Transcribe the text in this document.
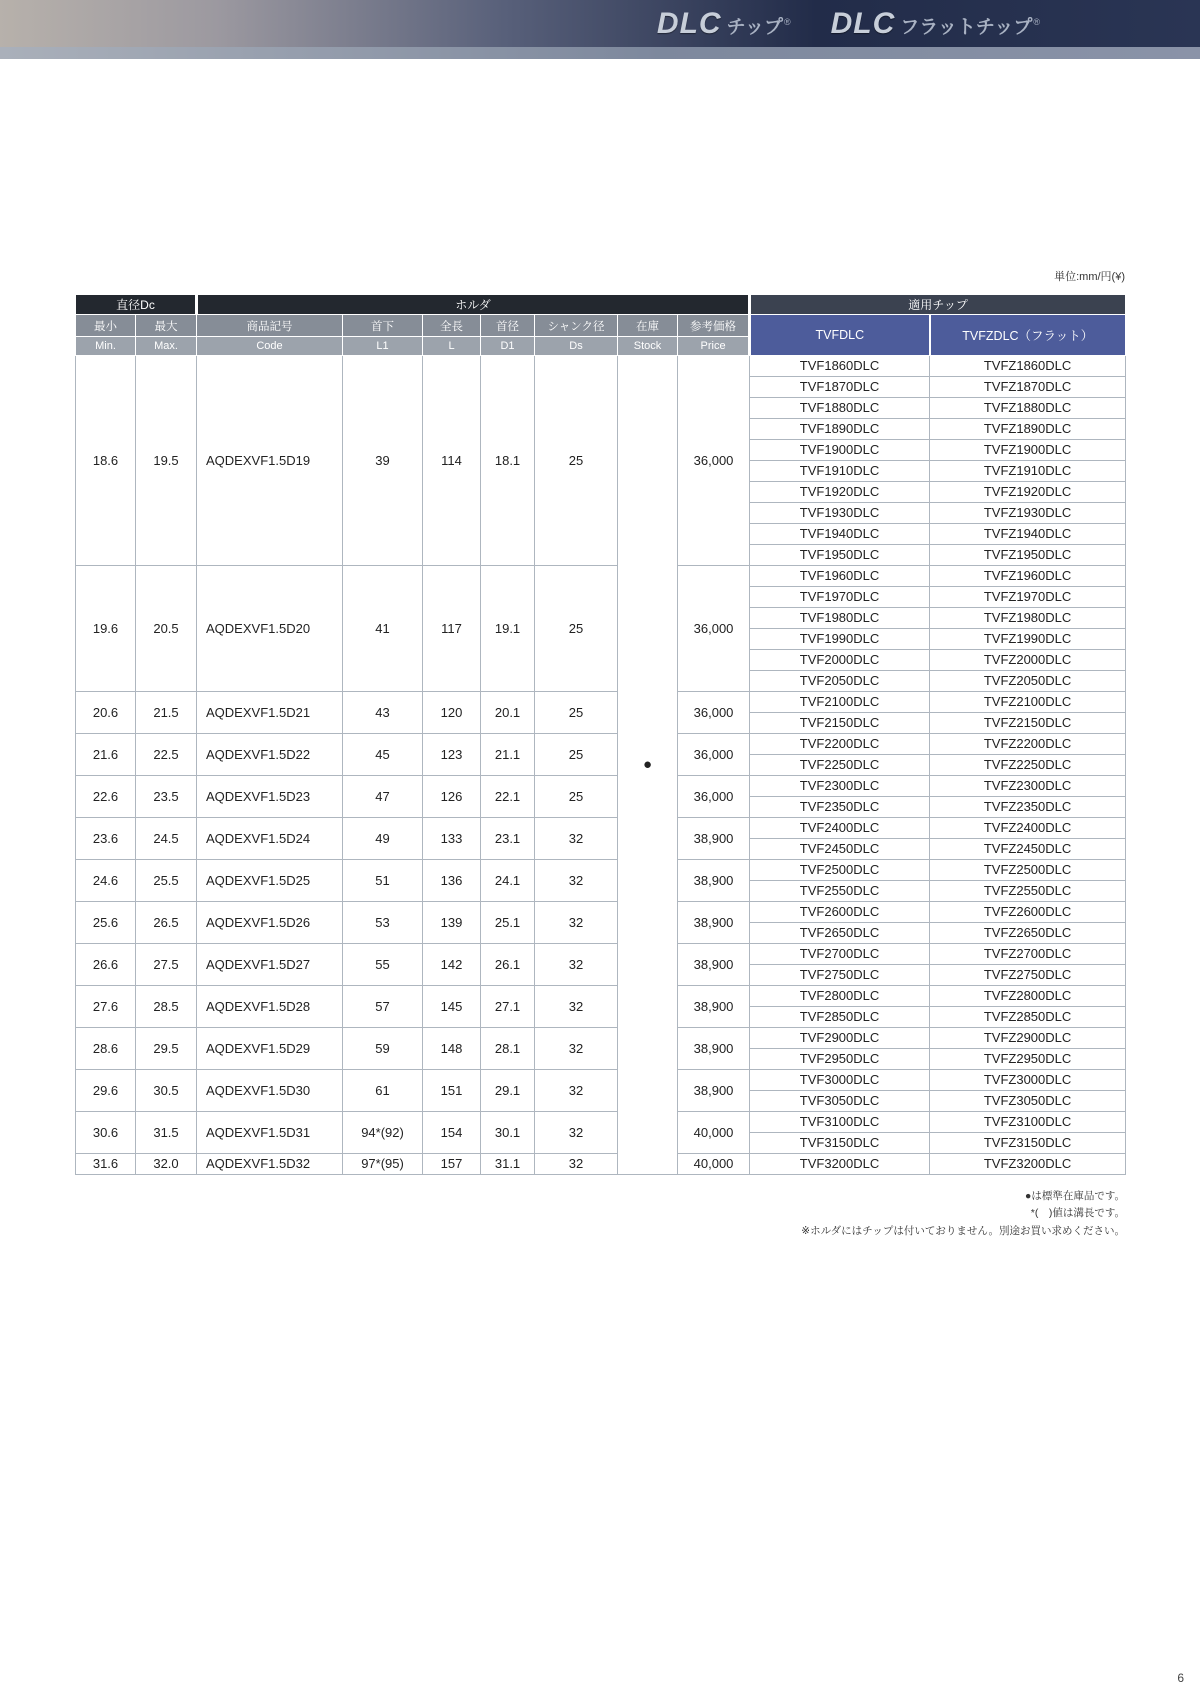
DLC チップ ® DLC フラットチップ ®
単位:mm/円(¥)
直径Dc		ホルダ							適用チップ	
最小	最大	商品記号	首下	全長	首径	シャンク径	在庫	参考価格	TVFDLC	TVFZDLC（フラット）
Min.	Max.	Code	L1	L	D1	Ds	Stock	Price		
18.6	19.5	AQDEXVF1.5D19	39	114	18.1	25	●	36,000	TVF1860DLC	TVFZ1860DLC
									TVF1870DLC	TVFZ1870DLC
									TVF1880DLC	TVFZ1880DLC
									TVF1890DLC	TVFZ1890DLC
									TVF1900DLC	TVFZ1900DLC
									TVF1910DLC	TVFZ1910DLC
									TVF1920DLC	TVFZ1920DLC
									TVF1930DLC	TVFZ1930DLC
									TVF1940DLC	TVFZ1940DLC
									TVF1950DLC	TVFZ1950DLC
19.6	20.5	AQDEXVF1.5D20	41	117	19.1	25		36,000	TVF1960DLC	TVFZ1960DLC
									TVF1970DLC	TVFZ1970DLC
									TVF1980DLC	TVFZ1980DLC
									TVF1990DLC	TVFZ1990DLC
									TVF2000DLC	TVFZ2000DLC
									TVF2050DLC	TVFZ2050DLC
20.6	21.5	AQDEXVF1.5D21	43	120	20.1	25		36,000	TVF2100DLC	TVFZ2100DLC
									TVF2150DLC	TVFZ2150DLC
21.6	22.5	AQDEXVF1.5D22	45	123	21.1	25		36,000	TVF2200DLC	TVFZ2200DLC
									TVF2250DLC	TVFZ2250DLC
22.6	23.5	AQDEXVF1.5D23	47	126	22.1	25		36,000	TVF2300DLC	TVFZ2300DLC
									TVF2350DLC	TVFZ2350DLC
23.6	24.5	AQDEXVF1.5D24	49	133	23.1	32		38,900	TVF2400DLC	TVFZ2400DLC
									TVF2450DLC	TVFZ2450DLC
24.6	25.5	AQDEXVF1.5D25	51	136	24.1	32		38,900	TVF2500DLC	TVFZ2500DLC
									TVF2550DLC	TVFZ2550DLC
25.6	26.5	AQDEXVF1.5D26	53	139	25.1	32		38,900	TVF2600DLC	TVFZ2600DLC
									TVF2650DLC	TVFZ2650DLC
26.6	27.5	AQDEXVF1.5D27	55	142	26.1	32		38,900	TVF2700DLC	TVFZ2700DLC
									TVF2750DLC	TVFZ2750DLC
27.6	28.5	AQDEXVF1.5D28	57	145	27.1	32		38,900	TVF2800DLC	TVFZ2800DLC
									TVF2850DLC	TVFZ2850DLC
28.6	29.5	AQDEXVF1.5D29	59	148	28.1	32		38,900	TVF2900DLC	TVFZ2900DLC
									TVF2950DLC	TVFZ2950DLC
29.6	30.5	AQDEXVF1.5D30	61	151	29.1	32		38,900	TVF3000DLC	TVFZ3000DLC
									TVF3050DLC	TVFZ3050DLC
30.6	31.5	AQDEXVF1.5D31	94*(92)	154	30.1	32		40,000	TVF3100DLC	TVFZ3100DLC
									TVF3150DLC	TVFZ3150DLC
31.6	32.0	AQDEXVF1.5D32	97*(95)	157	31.1	32		40,000	TVF3200DLC	TVFZ3200DLC
●は標準在庫品です。
*(　)値は溝長です。
※ホルダにはチップは付いておりません。別途お買い求めください。
6
